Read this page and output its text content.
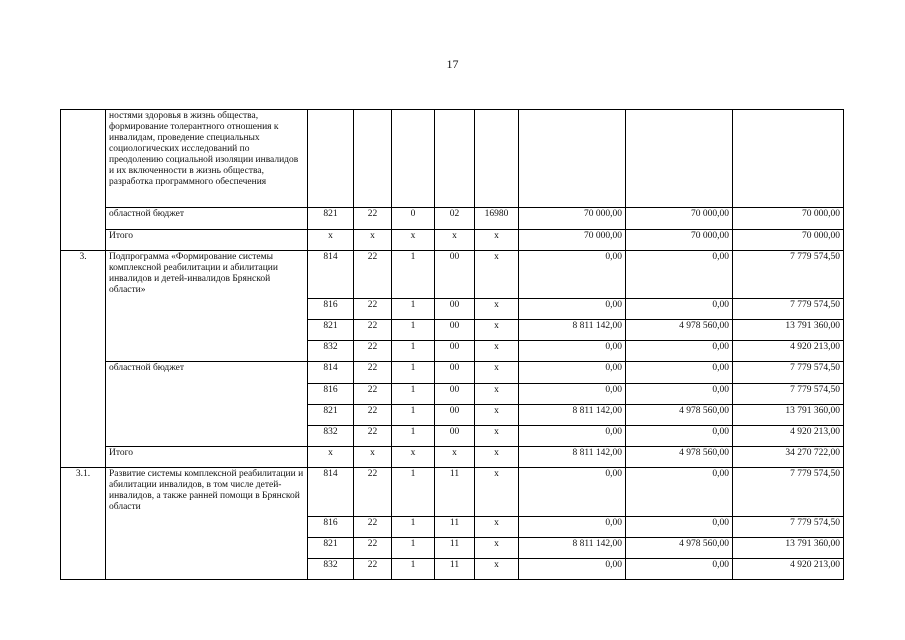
17
	ностями здоровья в жизнь общества, формирование толерантного отношения к инвалидам, проведение специальных социологических исследований по преодолению социальной изоляции инвалидов и их включенности в жизнь общества, разработка программного обеспечения								
	областной бюджет	821	22	0	02	16980	70 000,00	70 000,00	70 000,00
	Итого	х	х	х	х	х	70 000,00	70 000,00	70 000,00
3.	Подпрограмма «Формирование системы комплексной реабилитации и абилитации инвалидов и детей-инвалидов Брянской области»	814	22	1	00	х	0,00	0,00	7 779 574,50
		816	22	1	00	х	0,00	0,00	7 779 574,50
		821	22	1	00	х	8 811 142,00	4 978 560,00	13 791 360,00
		832	22	1	00	х	0,00	0,00	4 920 213,00
	областной бюджет	814	22	1	00	х	0,00	0,00	7 779 574,50
		816	22	1	00	х	0,00	0,00	7 779 574,50
		821	22	1	00	х	8 811 142,00	4 978 560,00	13 791 360,00
		832	22	1	00	х	0,00	0,00	4 920 213,00
	Итого	х	х	х	х	х	8 811 142,00	4 978 560,00	34 270 722,00
3.1.	Развитие системы комплексной реабилитации и абилитации инвалидов, в том числе детей-инвалидов, а также ранней помощи в Брянской области	814	22	1	11	х	0,00	0,00	7 779 574,50
		816	22	1	11	х	0,00	0,00	7 779 574,50
		821	22	1	11	х	8 811 142,00	4 978 560,00	13 791 360,00
		832	22	1	11	х	0,00	0,00	4 920 213,00
